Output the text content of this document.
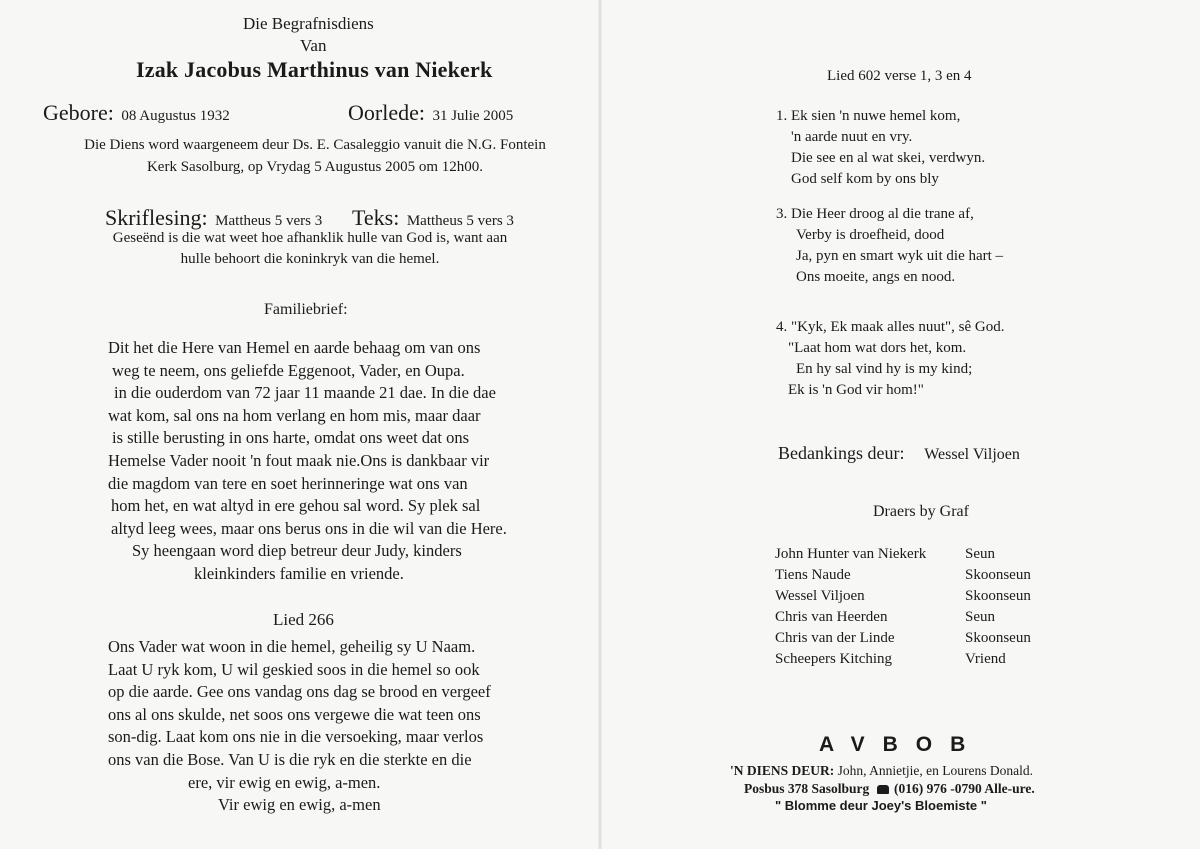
Die Begrafnisdiens
Van
Izak Jacobus Marthinus van Niekerk
Gebore: 08 Augustus 1932	Oorlede: 31 Julie 2005
Die Diens word waargeneem deur Ds. E. Casaleggio vanuit die N.G. Fontein Kerk Sasolburg, op Vrydag 5 Augustus 2005 om 12h00.
Skriflesing: Mattheus 5 vers 3 Teks: Mattheus 5 vers 3
Geseënd is die wat weet hoe afhanklik hulle van God is, want aan hulle behoort die koninkryk van die hemel.
Familiebrief:
Dit het die Here van Hemel en aarde behaag om van ons
weg te neem, ons geliefde Eggenoot, Vader, en Oupa.
in die ouderdom van 72 jaar 11 maande 21 dae. In die dae
wat kom, sal ons na hom verlang en hom mis, maar daar
is stille berusting in ons harte, omdat ons weet dat ons
Hemelse Vader nooit 'n fout maak nie.Ons is dankbaar vir
die magdom van tere en soet herinneringe wat ons van
hom het, en wat altyd in ere gehou sal word. Sy plek sal
altyd leeg wees, maar ons berus ons in die wil van die Here.
Sy heengaan word diep betreur deur Judy, kinders
kleinkinders familie en vriende.
Lied 266
Ons Vader wat woon in die hemel, geheilig sy U Naam.
Laat U ryk kom, U wil geskied soos in die hemel so ook
op die aarde. Gee ons vandag ons dag se brood en vergeef
ons al ons skulde, net soos ons vergewe die wat teen ons
son-dig. Laat kom ons nie in die versoeking, maar verlos
ons van die Bose. Van U is die ryk en die sterkte en die
ere, vir ewig en ewig, a-men.
Vir ewig en ewig, a-men
Lied 602 verse 1, 3 en 4
1. Ek sien 'n nuwe hemel kom,
'n aarde nuut en vry.
Die see en al wat skei, verdwyn.
God self kom by ons bly
3. Die Heer droog al die trane af,
Verby is droefheid, dood
Ja, pyn en smart wyk uit die hart –
Ons moeite, angs en nood.
4. "Kyk, Ek maak alles nuut", sê God.
"Laat hom wat dors het, kom.
En hy sal vind hy is my kind;
Ek is 'n God vir hom!"
Bedankings deur: Wessel Viljoen
Draers by Graf
John Hunter van Niekerk	Seun
Tiens Naude	Skoonseun
Wessel Viljoen	Skoonseun
Chris van Heerden	Seun
Chris van der Linde	Skoonseun
Scheepers Kitching	Vriend
AVBOB
'N DIENS DEUR: John, Annietjie, en Lourens Donald.
Posbus 378 Sasolburg (016) 976 -0790 Alle-ure.
" Blomme deur Joey's Bloemiste "
